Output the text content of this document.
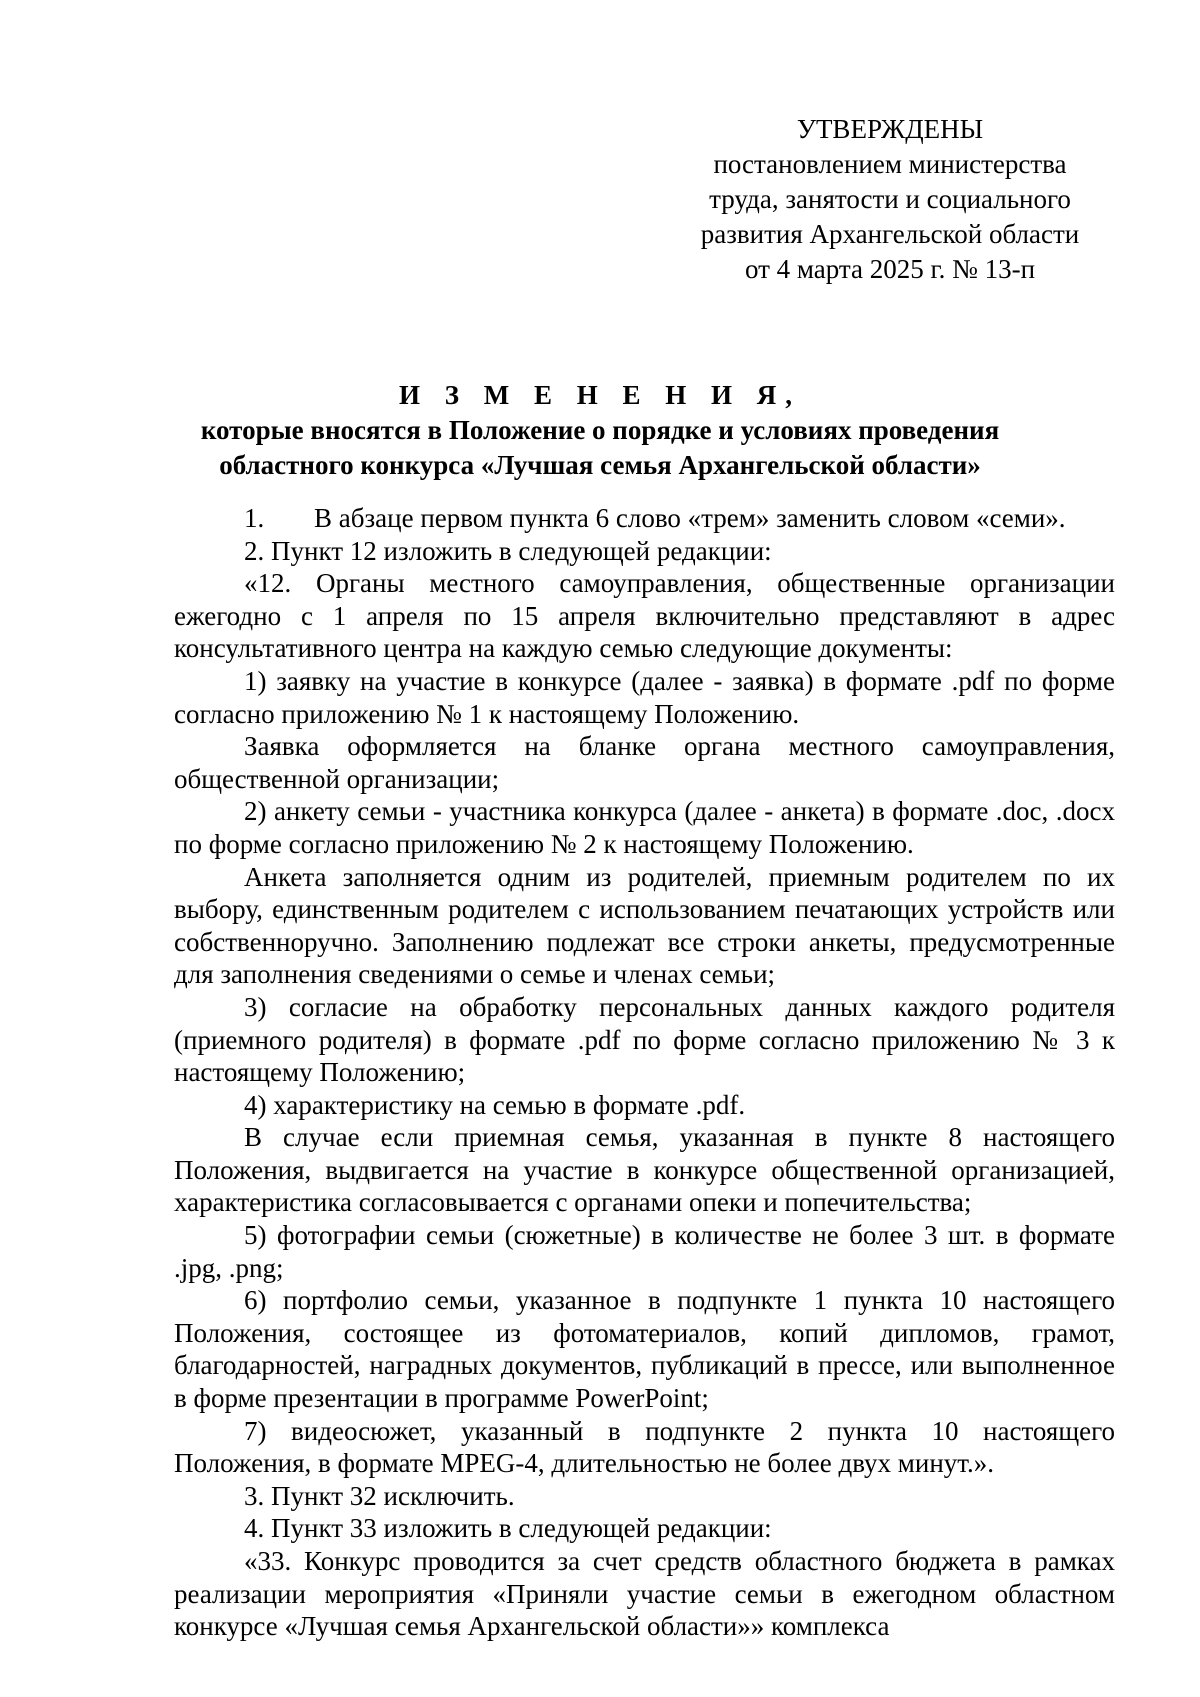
УТВЕРЖДЕНЫ
постановлением министерства
труда, занятости и социального
развития Архангельской области
от 4 марта 2025 г. № 13-п
И З М Е Н Е Н И Я,
которые вносятся в Положение о порядке и условиях проведения
областного конкурса «Лучшая семья Архангельской области»

1. В абзаце первом пункта 6 слово «трем» заменить словом «семи».

2. Пункт 12 изложить в следующей редакции:

«12. Органы местного самоуправления, общественные организации ежегодно с 1 апреля по 15 апреля включительно представляют в адрес консультативного центра на каждую семью следующие документы:

1) заявку на участие в конкурсе (далее - заявка) в формате .pdf по форме согласно приложению № 1 к настоящему Положению.

Заявка оформляется на бланке органа местного самоуправления, общественной организации;

2) анкету семьи - участника конкурса (далее - анкета) в формате .doc, .docx по форме согласно приложению № 2 к настоящему Положению.

Анкета заполняется одним из родителей, приемным родителем по их выбору, единственным родителем с использованием печатающих устройств или собственноручно. Заполнению подлежат все строки анкеты, предусмотренные для заполнения сведениями о семье и членах семьи;

3) согласие на обработку персональных данных каждого родителя (приемного родителя) в формате .pdf по форме согласно приложению № 3 к настоящему Положению;

4) характеристику на семью в формате .pdf.

В случае если приемная семья, указанная в пункте 8 настоящего Положения, выдвигается на участие в конкурсе общественной организацией, характеристика согласовывается с органами опеки и попечительства;

5) фотографии семьи (сюжетные) в количестве не более 3 шт. в формате .jpg, .png;

6) портфолио семьи, указанное в подпункте 1 пункта 10 настоящего Положения, состоящее из фотоматериалов, копий дипломов, грамот, благодарностей, наградных документов, публикаций в прессе, или выполненное в форме презентации в программе PowerPoint;

7) видеосюжет, указанный в подпункте 2 пункта 10 настоящего Положения, в формате MPEG-4, длительностью не более двух минут.».

3. Пункт 32 исключить.

4. Пункт 33 изложить в следующей редакции:

«33. Конкурс проводится за счет средств областного бюджета в рамках реализации мероприятия «Приняли участие семьи в ежегодном областном конкурсе «Лучшая семья Архангельской области»» комплекса
